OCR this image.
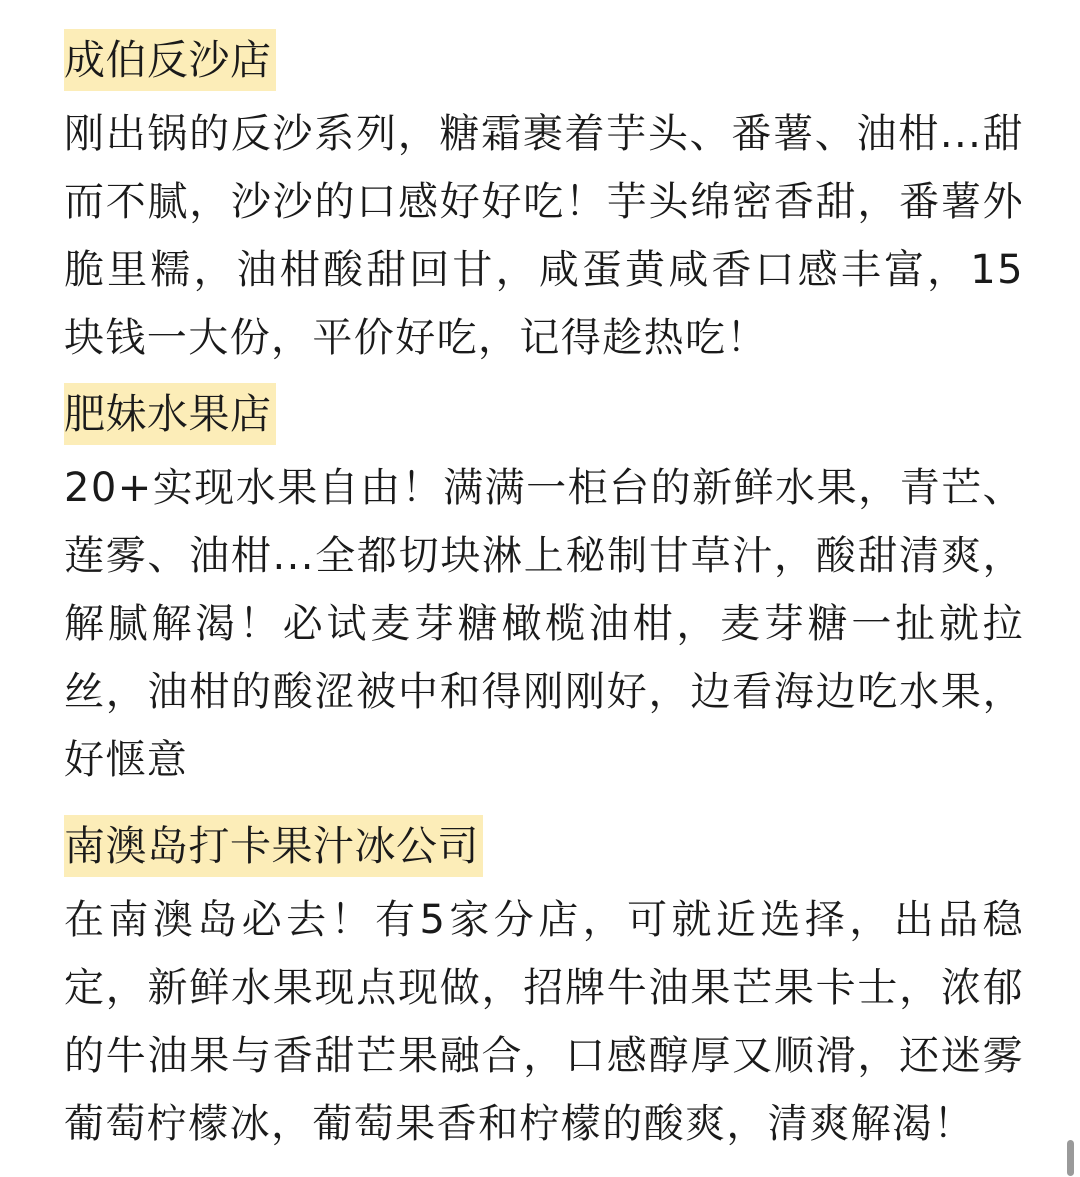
成伯反沙店

刚出锅的反沙系列，糖霜裹着芋头、番薯、油柑...甜而不腻，沙沙的口感好好吃！芋头绵密香甜，番薯外脆里糯，油柑酸甜回甘，咸蛋黄咸香口感丰富，15块钱一大份，平价好吃，记得趁热吃！

肥妹水果店

20+实现水果自由！满满一柜台的新鲜水果，青芒、莲雾、油柑...全都切块淋上秘制甘草汁，酸甜清爽，解腻解渴！必试麦芽糖橄榄油柑，麦芽糖一扯就拉丝，油柑的酸涩被中和得刚刚好，边看海边吃水果，好惬意

南澳岛打卡果汁冰公司

在南澳岛必去！有5家分店，可就近选择，出品稳定，新鲜水果现点现做，招牌牛油果芒果卡士，浓郁的牛油果与香甜芒果融合，口感醇厚又顺滑，还迷雾葡萄柠檬冰，葡萄果香和柠檬的酸爽，清爽解渴！
